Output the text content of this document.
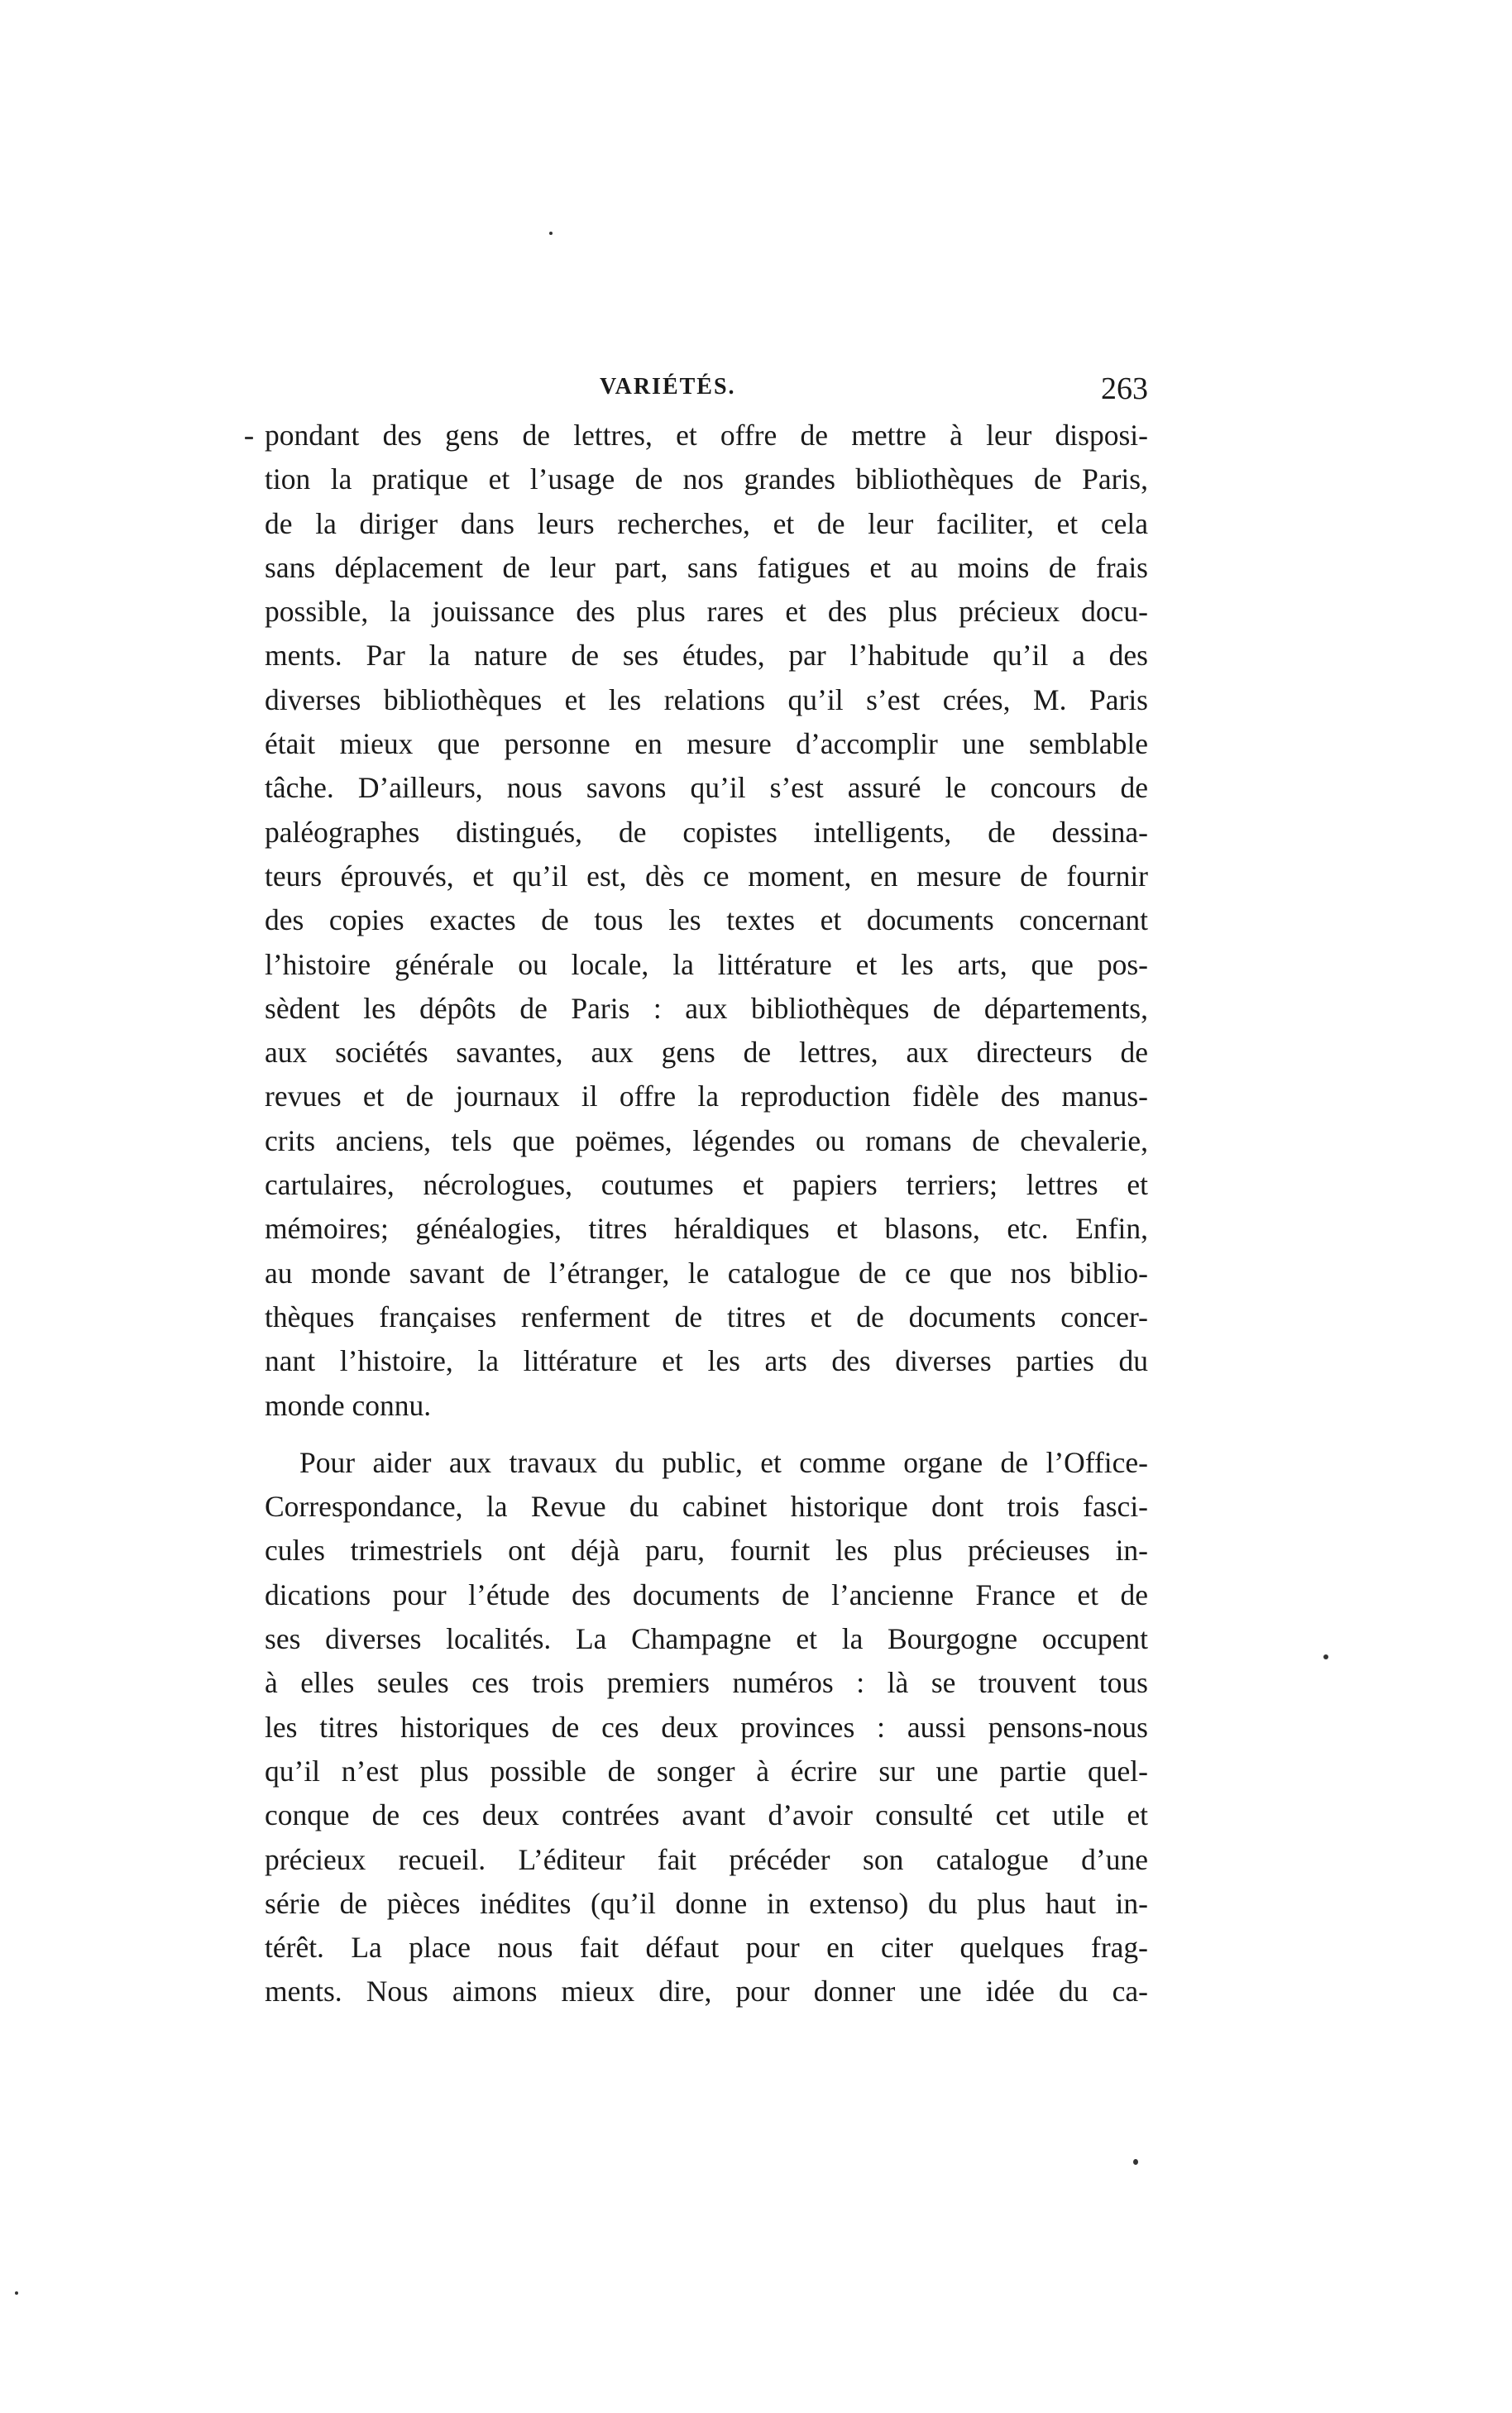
VARIÉTÉS.	263
pondant des gens de lettres, et offre de mettre à leur disposi-
tion la pratique et l’usage de nos grandes bibliothèques de Paris,
de la diriger dans leurs recherches, et de leur faciliter, et cela
sans déplacement de leur part, sans fatigues et au moins de frais
possible, la jouissance des plus rares et des plus précieux docu-
ments. Par la nature de ses études, par l’habitude qu’il a des
diverses bibliothèques et les relations qu’il s’est crées, M. Paris
était mieux que personne en mesure d’accomplir une semblable
tâche. D’ailleurs, nous savons qu’il s’est assuré le concours de
paléographes distingués, de copistes intelligents, de dessina-
teurs éprouvés, et qu’il est, dès ce moment, en mesure de fournir
des copies exactes de tous les textes et documents concernant
l’histoire générale ou locale, la littérature et les arts, que pos-
sèdent les dépôts de Paris : aux bibliothèques de départements,
aux sociétés savantes, aux gens de lettres, aux directeurs de
revues et de journaux il offre la reproduction fidèle des manus-
crits anciens, tels que poëmes, légendes ou romans de chevalerie,
cartulaires, nécrologues, coutumes et papiers terriers; lettres et
mémoires; généalogies, titres héraldiques et blasons, etc. Enfin,
au monde savant de l’étranger, le catalogue de ce que nos biblio-
thèques françaises renferment de titres et de documents concer-
nant l’histoire, la littérature et les arts des diverses parties du
monde connu.
Pour aider aux travaux du public, et comme organe de l’Office-
Correspondance, la Revue du cabinet historique dont trois fasci-
cules trimestriels ont déjà paru, fournit les plus précieuses in-
dications pour l’étude des documents de l’ancienne France et de
ses diverses localités. La Champagne et la Bourgogne occupent
à elles seules ces trois premiers numéros : là se trouvent tous
les titres historiques de ces deux provinces : aussi pensons-nous
qu’il n’est plus possible de songer à écrire sur une partie quel-
conque de ces deux contrées avant d’avoir consulté cet utile et
précieux recueil. L’éditeur fait précéder son catalogue d’une
série de pièces inédites (qu’il donne in extenso) du plus haut in-
térêt. La place nous fait défaut pour en citer quelques frag-
ments. Nous aimons mieux dire, pour donner une idée du ca-
